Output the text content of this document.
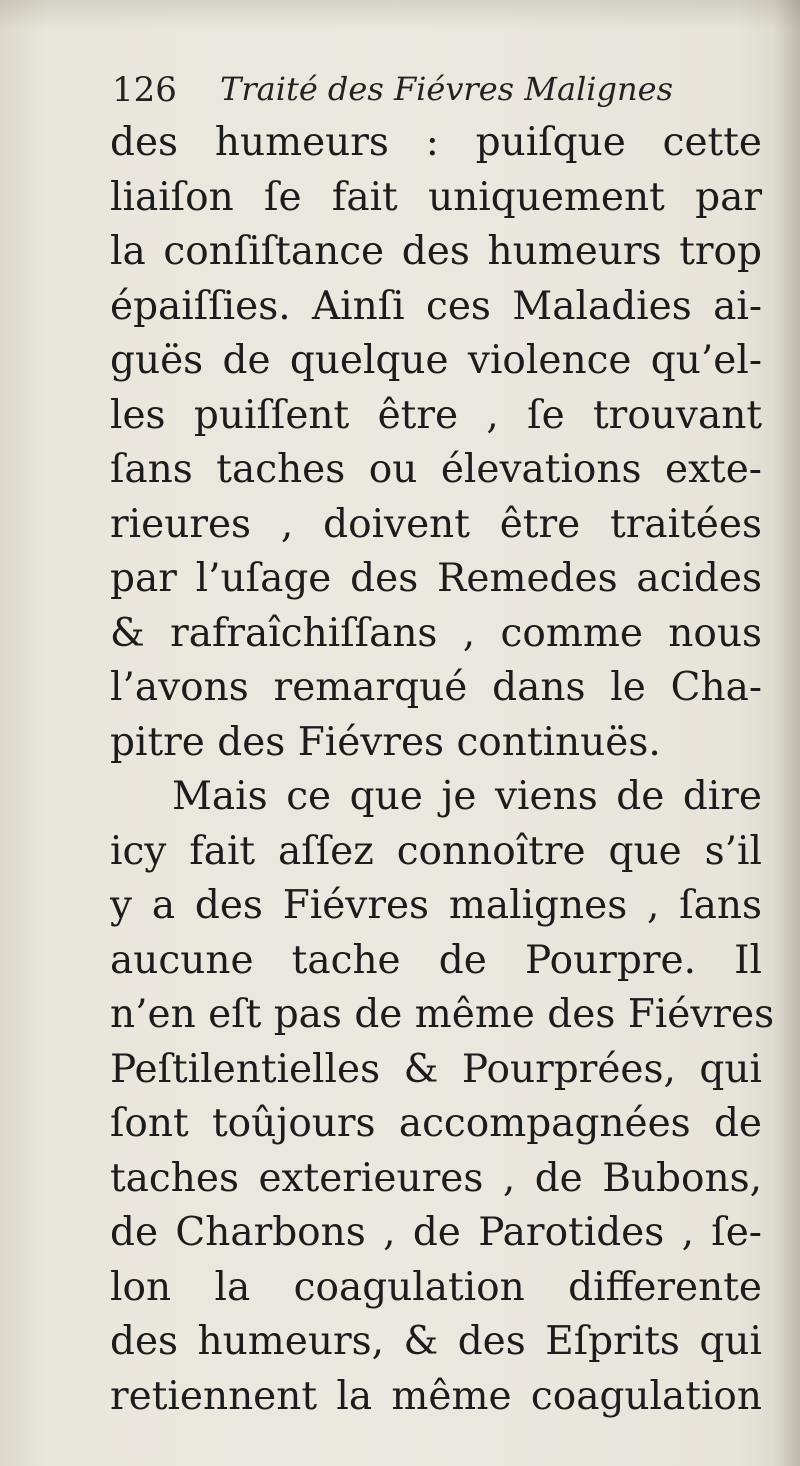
126 Traité des Fiévres Malignes
des humeurs : puiſque cette
liaiſon ſe fait uniquement par
la conſiſtance des humeurs trop
épaiſſies. Ainſi ces Maladies ai-
guës de quelque violence qu’el-
les puiſſent être , ſe trouvant
ſans taches ou élevations exte-
rieures , doivent être traitées
par l’uſage des Remedes acides
& rafraîchiſſans , comme nous
l’avons remarqué dans le Cha-
pitre des Fiévres continuës.
Mais ce que je viens de dire
icy fait aſſez connoître que s’il
y a des Fiévres malignes , ſans
aucune tache de Pourpre. Il
n’en eſt pas de même des Fiévres
Peſtilentielles & Pourprées, qui
ſont toûjours accompagnées de
taches exterieures , de Bubons,
de Charbons , de Parotides , ſe-
lon la coagulation differente
des humeurs, & des Eſprits qui
retiennent la même coagulation
